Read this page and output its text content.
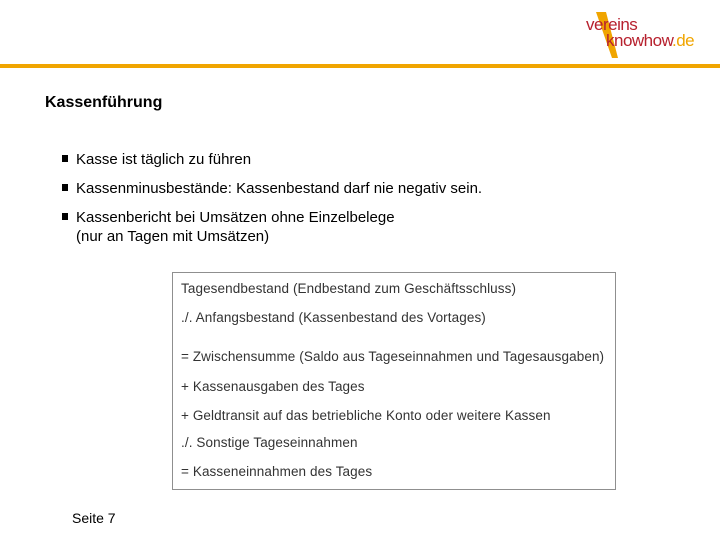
vereins
knowhow
.de
Kassenführung
Kasse ist täglich zu führen
Kassenminusbestände: Kassenbestand darf nie negativ sein.
Kassenbericht bei Umsätzen ohne Einzelbelege
(nur an Tagen mit Umsätzen)
Tagesendbestand (Endbestand zum Geschäftsschluss)
./. Anfangsbestand (Kassenbestand des Vortages)
= Zwischensumme (Saldo aus Tageseinnahmen und Tagesausgaben)
+ Kassenausgaben des Tages
+ Geldtransit auf das betriebliche Konto oder weitere Kassen
./. Sonstige Tageseinnahmen
= Kasseneinnahmen des Tages
Seite 7
